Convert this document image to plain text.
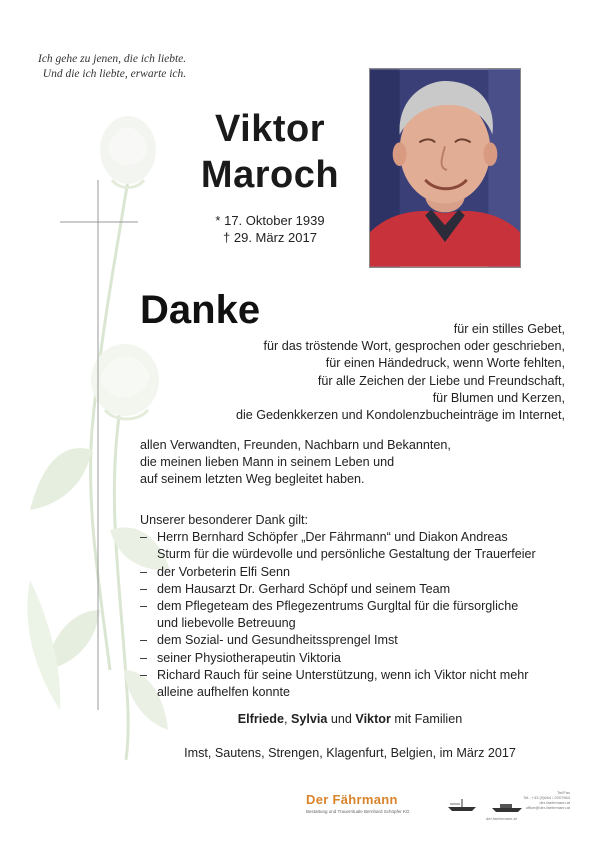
Ich gehe zu jenen, die ich liebte.
Und die ich liebte, erwarte ich.
Viktor
Maroch
* 17. Oktober 1939
† 29. März 2017
Danke	für ein stilles Gebet,
für das tröstende Wort, gesprochen oder geschrieben,
für einen Händedruck, wenn Worte fehlten,
für alle Zeichen der Liebe und Freundschaft,
für Blumen und Kerzen,
die Gedenkkerzen und Kondolenzbucheinträge im Internet,
allen Verwandten, Freunden, Nachbarn und Bekannten,
die meinen lieben Mann in seinem Leben und
auf seinem letzten Weg begleitet haben.
Unserer besonderer Dank gilt:
– Herrn Bernhard Schöpfer „Der Fährmann“ und Diakon Andreas
Sturm für die würdevolle und persönliche Gestaltung der Trauerfeier
– der Vorbeterin Elfi Senn
– dem Hausarzt Dr. Gerhard Schöpf und seinem Team
– dem Pflegeteam des Pflegezentrums Gurgltal für die fürsorgliche
und liebevolle Betreuung
– dem Sozial- und Gesundheitssprengel Imst
– seiner Physiotherapeutin Viktoria
– Richard Rauch für seine Unterstützung, wenn ich Viktor nicht mehr
alleine aufhelfen konnte
Elfriede, Sylvia und Viktor mit Familien
Imst, Sautens, Strengen, Klagenfurt, Belgien, im März 2017
Der Fährmann
Bestattung und Trauerrituale Bernhard Schöpfer KG
der-faehrmann.at
Tel/Fax
Tel.: +43 (0)664 / 2007664
der-faehrmann.at
office@der-faehrmann.at
